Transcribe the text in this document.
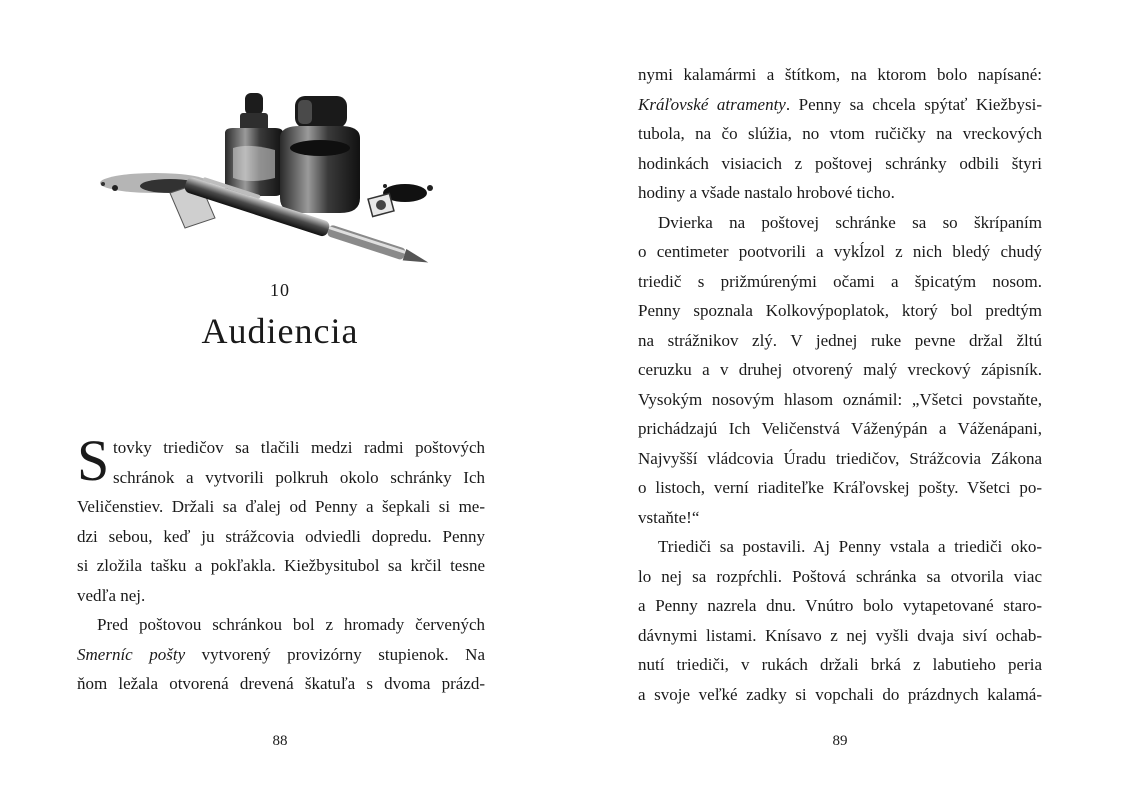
10
Audiencia
S tovky triedičov sa tlačili medzi radmi poštových
schránok a vytvorili polkruh okolo schránky Ich
Veličenstiev. Držali sa ďalej od Penny a šepkali si me-
dzi sebou, keď ju strážcovia odviedli dopredu. Penny
si zložila tašku a pokľakla. Kiežbysitubol sa krčil tesne
vedľa nej.
Pred poštovou schránkou bol z hromady červených
Smerníc pošty vytvorený provizórny stupienok. Na
ňom ležala otvorená drevená škatuľa s dvoma prázd-
88
nymi kalamármi a štítkom, na ktorom bolo napísané:
Kráľovské atramenty. Penny sa chcela spýtať Kiežbysi-
tubola, na čo slúžia, no vtom ručičky na vreckových
hodinkách visiacich z poštovej schránky odbili štyri
hodiny a všade nastalo hrobové ticho.
Dvierka na poštovej schránke sa so škrípaním
o centimeter pootvorili a vykĺzol z nich bledý chudý
triedič s prižmúrenými očami a špicatým nosom.
Penny spoznala Kolkovýpoplatok, ktorý bol predtým
na strážnikov zlý. V jednej ruke pevne držal žltú
ceruzku a v druhej otvorený malý vreckový zápisník.
Vysokým nosovým hlasom oznámil: „Všetci povstaňte,
prichádzajú Ich Veličenstvá Váženýpán a Váženápani,
Najvyšší vládcovia Úradu triedičov, Strážcovia Zákona
o listoch, verní riaditeľke Kráľovskej pošty. Všetci po-
vstaňte!“
Triediči sa postavili. Aj Penny vstala a triediči oko-
lo nej sa rozpŕchli. Poštová schránka sa otvorila viac
a Penny nazrela dnu. Vnútro bolo vytapetované staro-
dávnymi listami. Knísavo z nej vyšli dvaja siví ochab-
nutí triediči, v rukách držali brká z labutieho peria
a svoje veľké zadky si vopchali do prázdnych kalamá-
89
